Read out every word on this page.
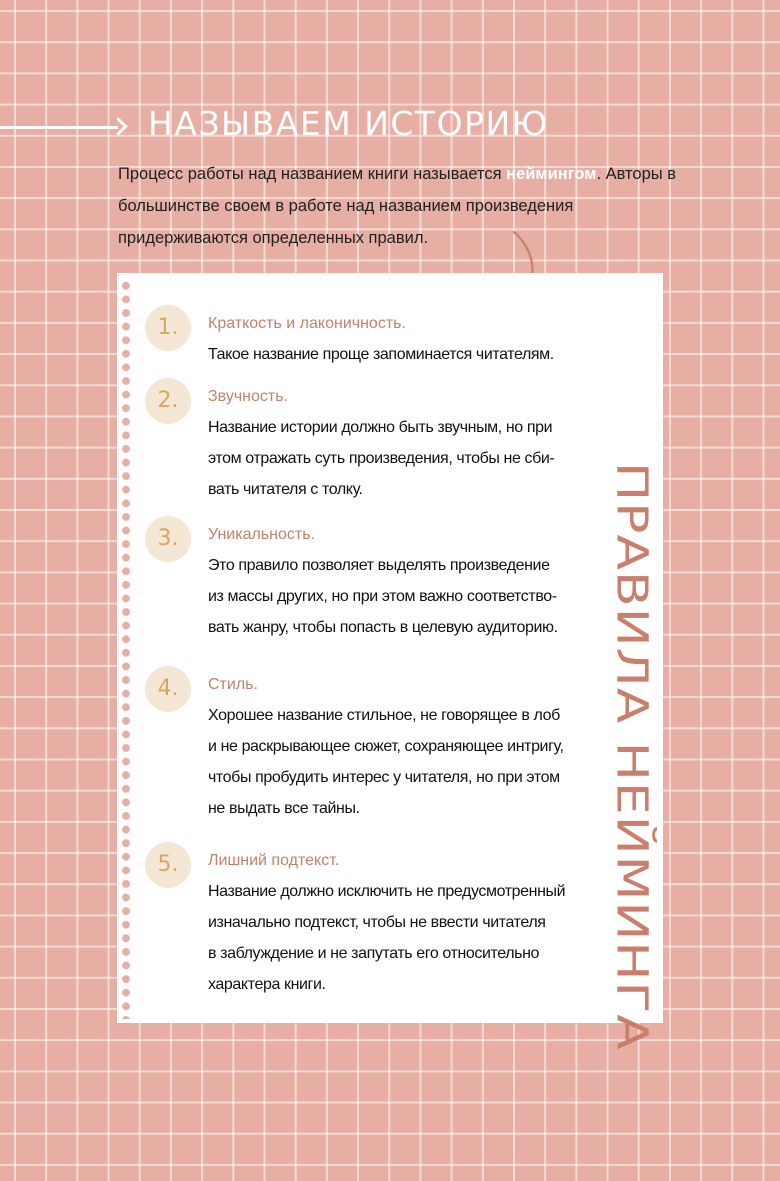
НАЗЫВАЕМ ИСТОРИЮ

Процесс работы над названием книги называется неймингом. Авторы в большинстве своем в работе над названием произведения придерживаются определенных правил.

1.	Краткость и лаконичность.
Такое название проще запоминается читателям.
2.	Звучность.
Название истории должно быть звучным, но при
этом отражать суть произведения, чтобы не сби-
вать читателя с толку.
3.	Уникальность.
Это правило позволяет выделять произведение
из массы других, но при этом важно соответство-
вать жанру, чтобы попасть в целевую аудиторию.
4.	Стиль.
Хорошее название стильное, не говорящее в лоб
и не раскрывающее сюжет, сохраняющее интригу,
чтобы пробудить интерес у читателя, но при этом
не выдать все тайны.
5.	Лишний подтекст.
Название должно исключить не предусмотренный
изначально подтекст, чтобы не ввести читателя
в заблуждение и не запутать его относительно
характера книги.	ПРАВИЛА НЕЙМИНГА
